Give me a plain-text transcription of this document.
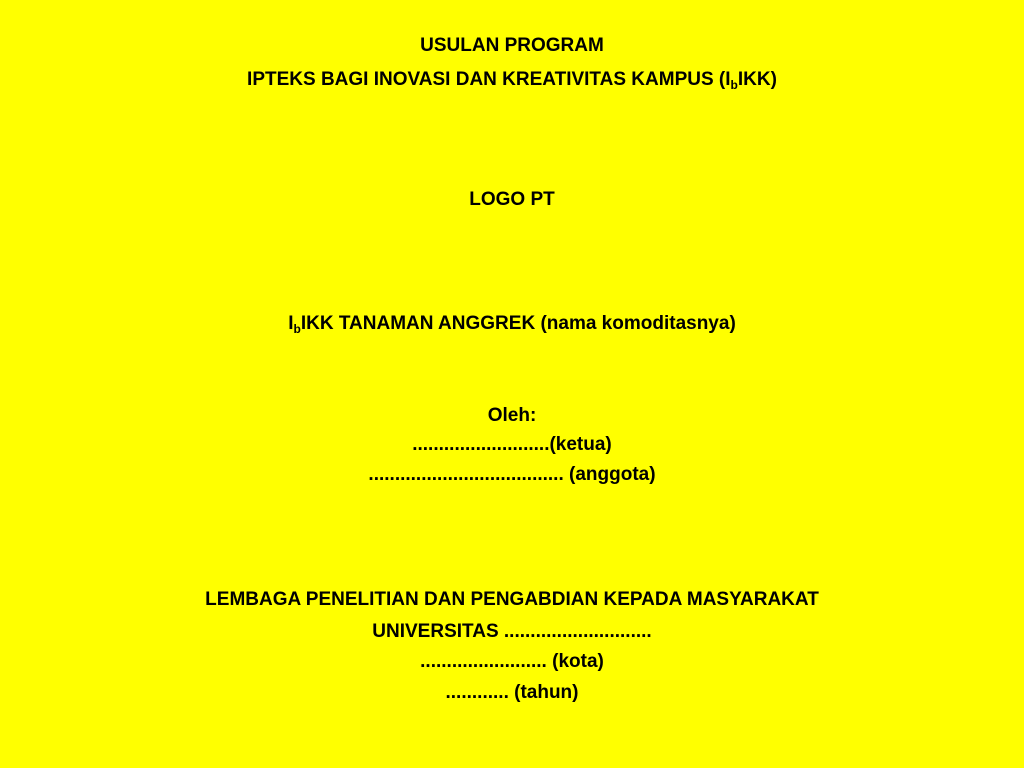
USULAN PROGRAM
IPTEKS BAGI INOVASI DAN KREATIVITAS KAMPUS $(I_bIKK)$
LOGO PT
$I_bIKK$ TANAMAN ANGGREK (nama komoditasnya)
Oleh:
..........................(ketua)
..................................... (anggota)
LEMBAGA PENELITIAN DAN PENGABDIAN KEPADA MASYARAKAT
UNIVERSITAS ............................
........................ (kota)
............ (tahun)
